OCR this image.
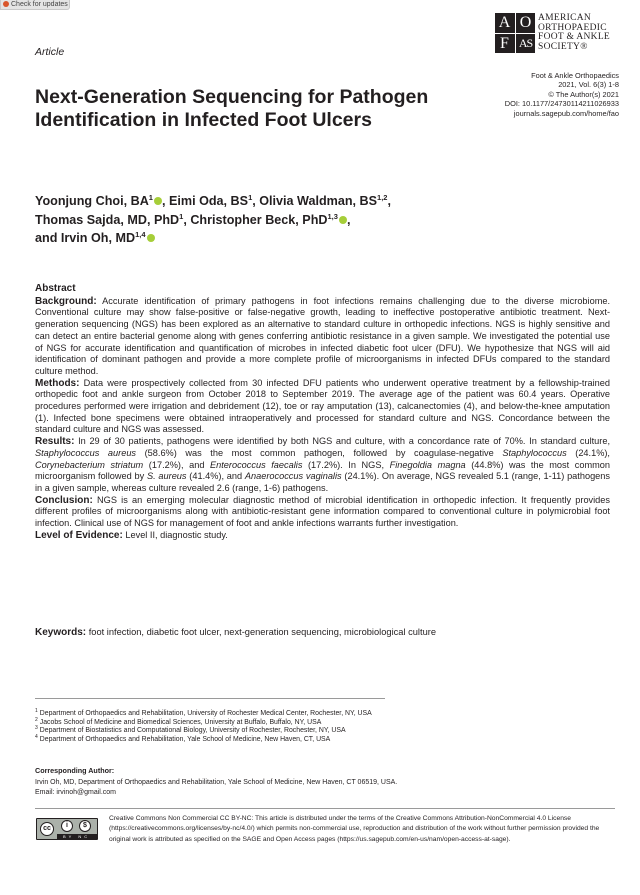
Check for updates
Article
A O
F AS
AMERICAN
ORTHOPAEDIC
FOOT & ANKLE
SOCIETY®
Foot & Ankle Orthopaedics
2021, Vol. 6(3) 1-8
© The Author(s) 2021
DOI: 10.1177/24730114211026933
journals.sagepub.com/home/fao
Next-Generation Sequencing for Pathogen Identification in Infected Foot Ulcers
Yoonjung Choi, $BA^1$ , Eimi Oda, $BS^1$, Olivia Waldman, BS$^{1,2}$,
Thomas Sajda, MD, PhD$^1$, Christopher Beck, PhD$^{1,3}$ ,
and Irvin Oh, MD$^{1,4}$
Abstract

Background: Accurate identification of primary pathogens in foot infections remains challenging due to the diverse microbiome. Conventional culture may show false-positive or false-negative growth, leading to ineffective postoperative antibiotic treatment. Next-generation sequencing (NGS) has been explored as an alternative to standard culture in orthopedic infections. NGS is highly sensitive and can detect an entire bacterial genome along with genes conferring antibiotic resistance in a given sample. We investigated the potential use of NGS for accurate identification and quantification of microbes in infected diabetic foot ulcer (DFU). We hypothesize that NGS will aid identification of dominant pathogen and provide a more complete profile of microorganisms in infected DFUs compared to the standard culture method.

Methods: Data were prospectively collected from 30 infected DFU patients who underwent operative treatment by a fellowship-trained orthopedic foot and ankle surgeon from October 2018 to September 2019. The average age of the patient was 60.4 years. Operative procedures performed were irrigation and debridement (12), toe or ray amputation (13), calcanectomies (4), and below-the-knee amputation (1). Infected bone specimens were obtained intraoperatively and processed for standard culture and NGS. Concordance between the standard culture and NGS was assessed.

Results: In 29 of 30 patients, pathogens were identified by both NGS and culture, with a concordance rate of 70%. In standard culture, Staphylococcus aureus (58.6%) was the most common pathogen, followed by coagulase-negative Staphylococcus (24.1%), Corynebacterium striatum (17.2%), and Enterococcus faecalis (17.2%). In NGS, Finegoldia magna (44.8%) was the most common microorganism followed by S. aureus (41.4%), and Anaerococcus vaginalis (24.1%). On average, NGS revealed 5.1 (range, 1-11) pathogens in a given sample, whereas culture revealed 2.6 (range, 1-6) pathogens.

Conclusion: NGS is an emerging molecular diagnostic method of microbial identification in orthopedic infection. It frequently provides different profiles of microorganisms along with antibiotic-resistant gene information compared to conventional culture in polymicrobial foot infection. Clinical use of NGS for management of foot and ankle infections warrants further investigation.

Level of Evidence: Level II, diagnostic study.

Keywords: foot infection, diabetic foot ulcer, next-generation sequencing, microbiological culture
$^1$ Department of Orthopaedics and Rehabilitation, University of Rochester Medical Center, Rochester, NY, USA
$^2$ Jacobs School of Medicine and Biomedical Sciences, University at Buffalo, Buffalo, NY, USA
$^3$ Department of Biostatistics and Computational Biology, University of Rochester, Rochester, NY, USA
$^4$ Department of Orthopaedics and Rehabilitation, Yale School of Medicine, New Haven, CT, USA
Corresponding Author:
Irvin Oh, MD, Department of Orthopaedics and Rehabilitation, Yale School of Medicine, New Haven, CT 06519, USA.
Email: irvinoh@gmail.com
cc	i	$
BY NC
Creative Commons Non Commercial CC BY-NC: This article is distributed under the terms of the Creative Commons Attribution-NonCommercial 4.0 License (https://creativecommons.org/licenses/by-nc/4.0/) which permits non-commercial use, reproduction and distribution of the work without further permission provided the original work is attributed as specified on the SAGE and Open Access pages (https://us.sagepub.com/en-us/nam/open-access-at-sage).
